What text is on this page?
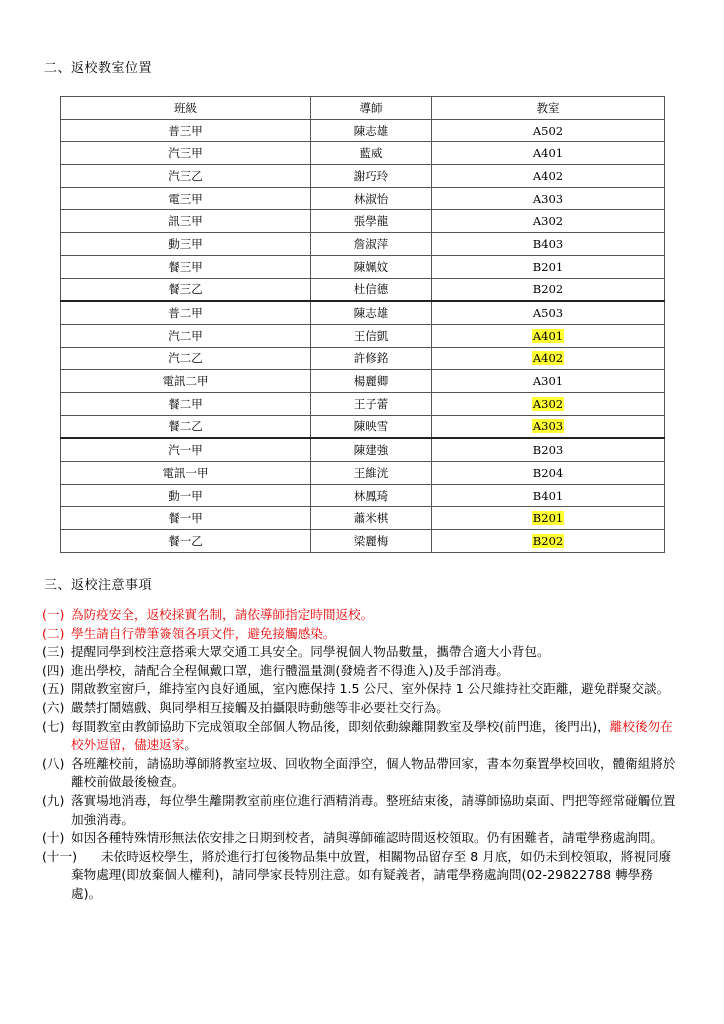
二、返校教室位置
班級	導師	教室
普三甲	陳志雄	A502
汽三甲	藍威	A401
汽三乙	謝巧玲	A402
電三甲	林淑怡	A303
訊三甲	張學龍	A302
動三甲	詹淑萍	B403
餐三甲	陳姵妏	B201
餐三乙	杜信德	B202
普二甲	陳志雄	A503
汽二甲	王信凱	A401
汽二乙	許修銘	A402
電訊二甲	楊麗卿	A301
餐二甲	王子蕾	A302
餐二乙	陳映雪	A303
汽一甲	陳建強	B203
電訊一甲	王維洸	B204
動一甲	林鳳琦	B401
餐一甲	蕭米棋	B201
餐一乙	梁麗梅	B202
三、返校注意事項
(一) 為防疫安全，返校採實名制，請依導師指定時間返校。
(二) 學生請自行帶筆簽領各項文件，避免接觸感染。
(三) 提醒同學到校注意搭乘大眾交通工具安全。同學視個人物品數量，攜帶合適大小背包。
(四) 進出學校，請配合全程佩戴口罩，進行體溫量測(發燒者不得進入)及手部消毒。
(五) 開啟教室窗戶，維持室內良好通風，室內應保持 1.5 公尺、室外保持 1 公尺維持社交距離，避免群聚交談。
(六) 嚴禁打鬧嬉戲、與同學相互接觸及拍攝限時動態等非必要社交行為。
(七) 每間教室由教師協助下完成領取全部個人物品後，即刻依動線離開教室及學校(前門進，後門出)，離校後勿在校外逗留，儘速返家。
(八) 各班離校前，請協助導師將教室垃圾、回收物全面淨空，個人物品帶回家，書本勿棄置學校回收，體衛組將於離校前做最後檢查。
(九) 落實場地消毒，每位學生離開教室前座位進行酒精消毒。整班結束後，請導師協助桌面、門把等經常碰觸位置加強消毒。
(十) 如因各種特殊情形無法依安排之日期到校者，請與導師確認時間返校領取。仍有困難者，請電學務處詢問。
(十一) 未依時返校學生，將於進行打包後物品集中放置，相關物品留存至 8 月底，如仍未到校領取，將視同廢棄物處理(即放棄個人權利)，請同學家長特別注意。如有疑義者，請電學務處詢問(02-29822788 轉學務處)。
